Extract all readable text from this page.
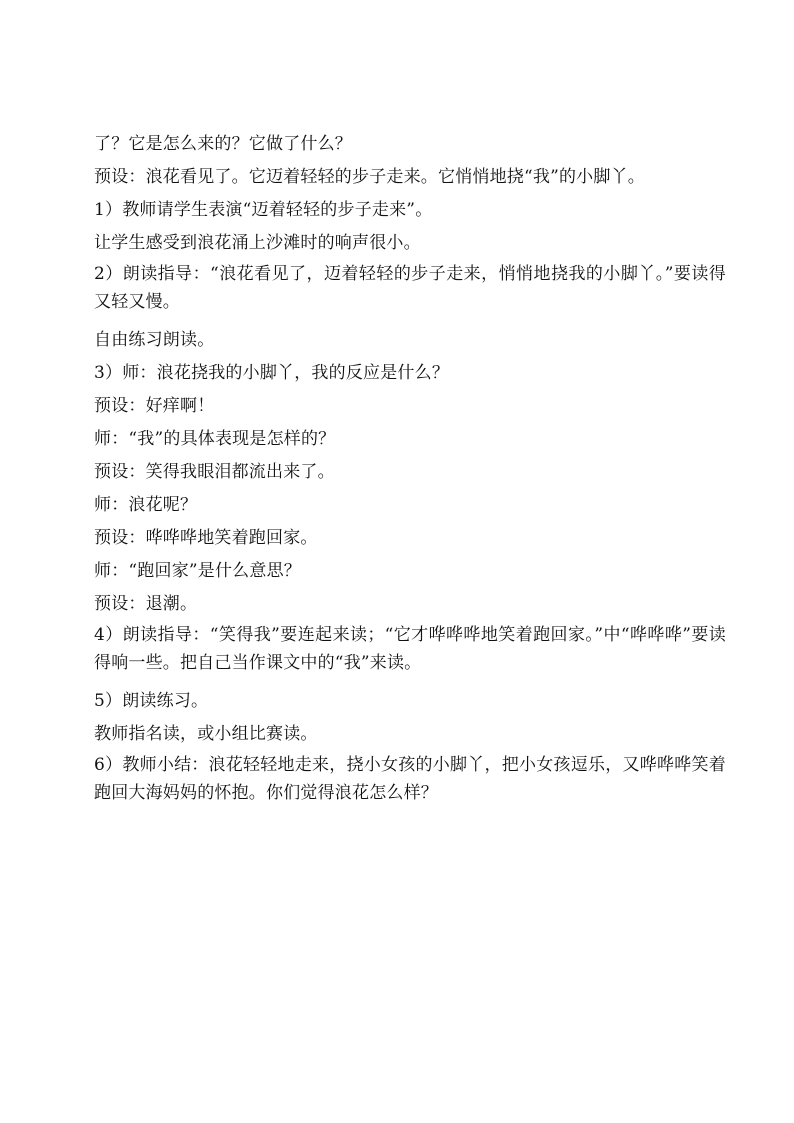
了？它是怎么来的？它做了什么？

预设：浪花看见了。它迈着轻轻的步子走来。它悄悄地挠“我”的小脚丫。

1）教师请学生表演“迈着轻轻的步子走来”。

让学生感受到浪花涌上沙滩时的响声很小。

2）朗读指导：“浪花看见了，迈着轻轻的步子走来，悄悄地挠我的小脚丫。”要读得又轻又慢。

自由练习朗读。

3）师：浪花挠我的小脚丫，我的反应是什么？

预设：好痒啊！

师：“我”的具体表现是怎样的？

预设：笑得我眼泪都流出来了。

师：浪花呢？

预设：哗哗哗地笑着跑回家。

师：“跑回家”是什么意思？

预设：退潮。

4）朗读指导：“笑得我”要连起来读；“它才哗哗哗地笑着跑回家。”中“哗哗哗”要读得响一些。把自己当作课文中的“我”来读。

5）朗读练习。

教师指名读，或小组比赛读。

6）教师小结：浪花轻轻地走来，挠小女孩的小脚丫，把小女孩逗乐，又哗哗哗笑着跑回大海妈妈的怀抱。你们觉得浪花怎么样？
